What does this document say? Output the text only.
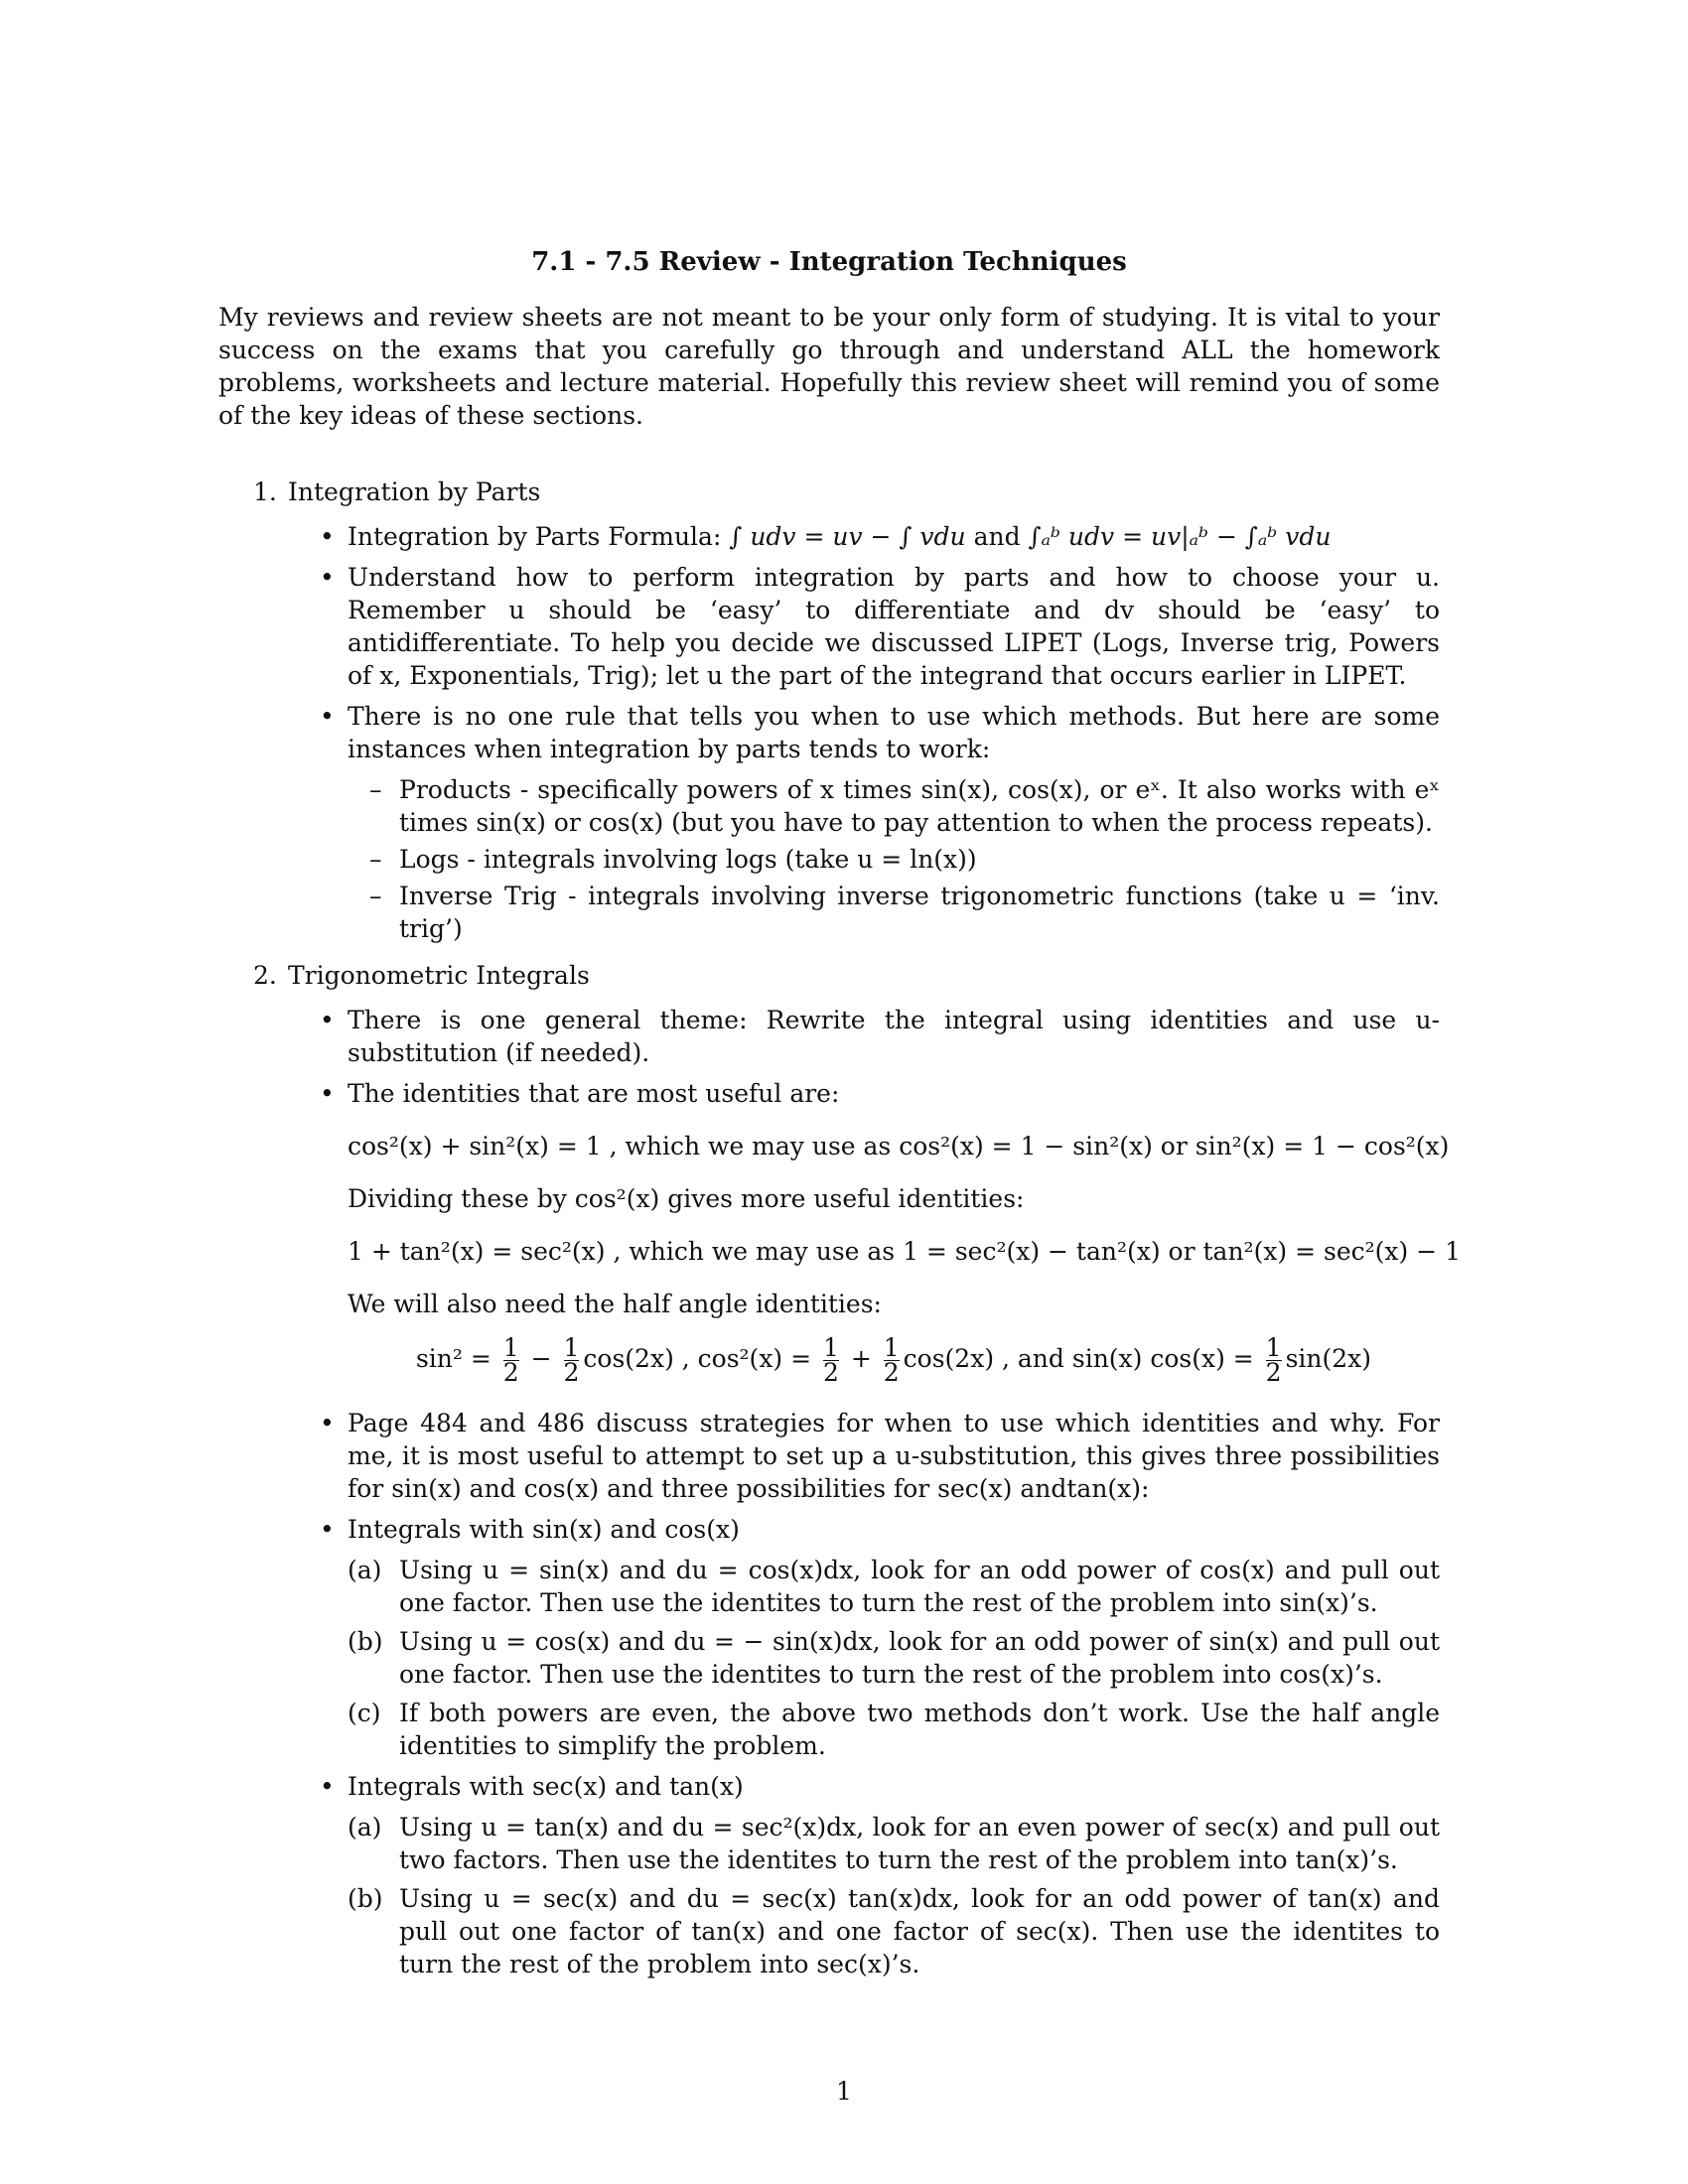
7.1 - 7.5 Review - Integration Techniques
My reviews and review sheets are not meant to be your only form of studying. It is vital to your success on the exams that you carefully go through and understand ALL the homework problems, worksheets and lecture material. Hopefully this review sheet will remind you of some of the key ideas of these sections.
1. Integration by Parts
• Integration by Parts Formula: ∫ udv = uv − ∫ vdu and ∫ₐᵇ udv = uv|ₐᵇ − ∫ₐᵇ vdu
• Understand how to perform integration by parts and how to choose your u. Remember u should be ‘easy’ to differentiate and dv should be ‘easy’ to antidifferentiate. To help you decide we discussed LIPET (Logs, Inverse trig, Powers of x, Exponentials, Trig); let u the part of the integrand that occurs earlier in LIPET.
• There is no one rule that tells you when to use which methods. But here are some instances when integration by parts tends to work:
– Products - specifically powers of x times sin(x), cos(x), or eˣ. It also works with eˣ times sin(x) or cos(x) (but you have to pay attention to when the process repeats).
– Logs - integrals involving logs (take u = ln(x))
– Inverse Trig - integrals involving inverse trigonometric functions (take u = ‘inv. trig’)
2. Trigonometric Integrals
• There is one general theme: Rewrite the integral using identities and use u-substitution (if needed).
• The identities that are most useful are:
cos²(x) + sin²(x) = 1 , which we may use as cos²(x) = 1 − sin²(x) or sin²(x) = 1 − cos²(x)
Dividing these by cos²(x) gives more useful identities:
1 + tan²(x) = sec²(x) , which we may use as 1 = sec²(x) − tan²(x) or tan²(x) = sec²(x) − 1
We will also need the half angle identities:
$\sin^2 = \frac{1}{2} - \frac{1}{2} \cos(2x)$ , $\cos^2(x) = \frac{1}{2} + \frac{1}{2} \cos(2x)$ , and sin(x) $\cos(x) = \frac{1}{2} \sin(2x)$
• Page 484 and 486 discuss strategies for when to use which identities and why. For me, it is most useful to attempt to set up a u-substitution, this gives three possibilities for sin(x) and cos(x) and three possibilities for sec(x) andtan(x):
• Integrals with sin(x) and cos(x)
(a) Using u = sin(x) and du = cos(x)dx, look for an odd power of cos(x) and pull out one factor. Then use the identites to turn the rest of the problem into sin(x)’s.
(b) Using u = cos(x) and du = − sin(x)dx, look for an odd power of sin(x) and pull out one factor. Then use the identites to turn the rest of the problem into cos(x)’s.
(c) If both powers are even, the above two methods don’t work. Use the half angle identities to simplify the problem.
• Integrals with sec(x) and tan(x)
(a) Using u = tan(x) and du = sec²(x)dx, look for an even power of sec(x) and pull out two factors. Then use the identites to turn the rest of the problem into tan(x)’s.
(b) Using u = sec(x) and du = sec(x) tan(x)dx, look for an odd power of tan(x) and pull out one factor of tan(x) and one factor of sec(x). Then use the identites to turn the rest of the problem into sec(x)’s.
1
